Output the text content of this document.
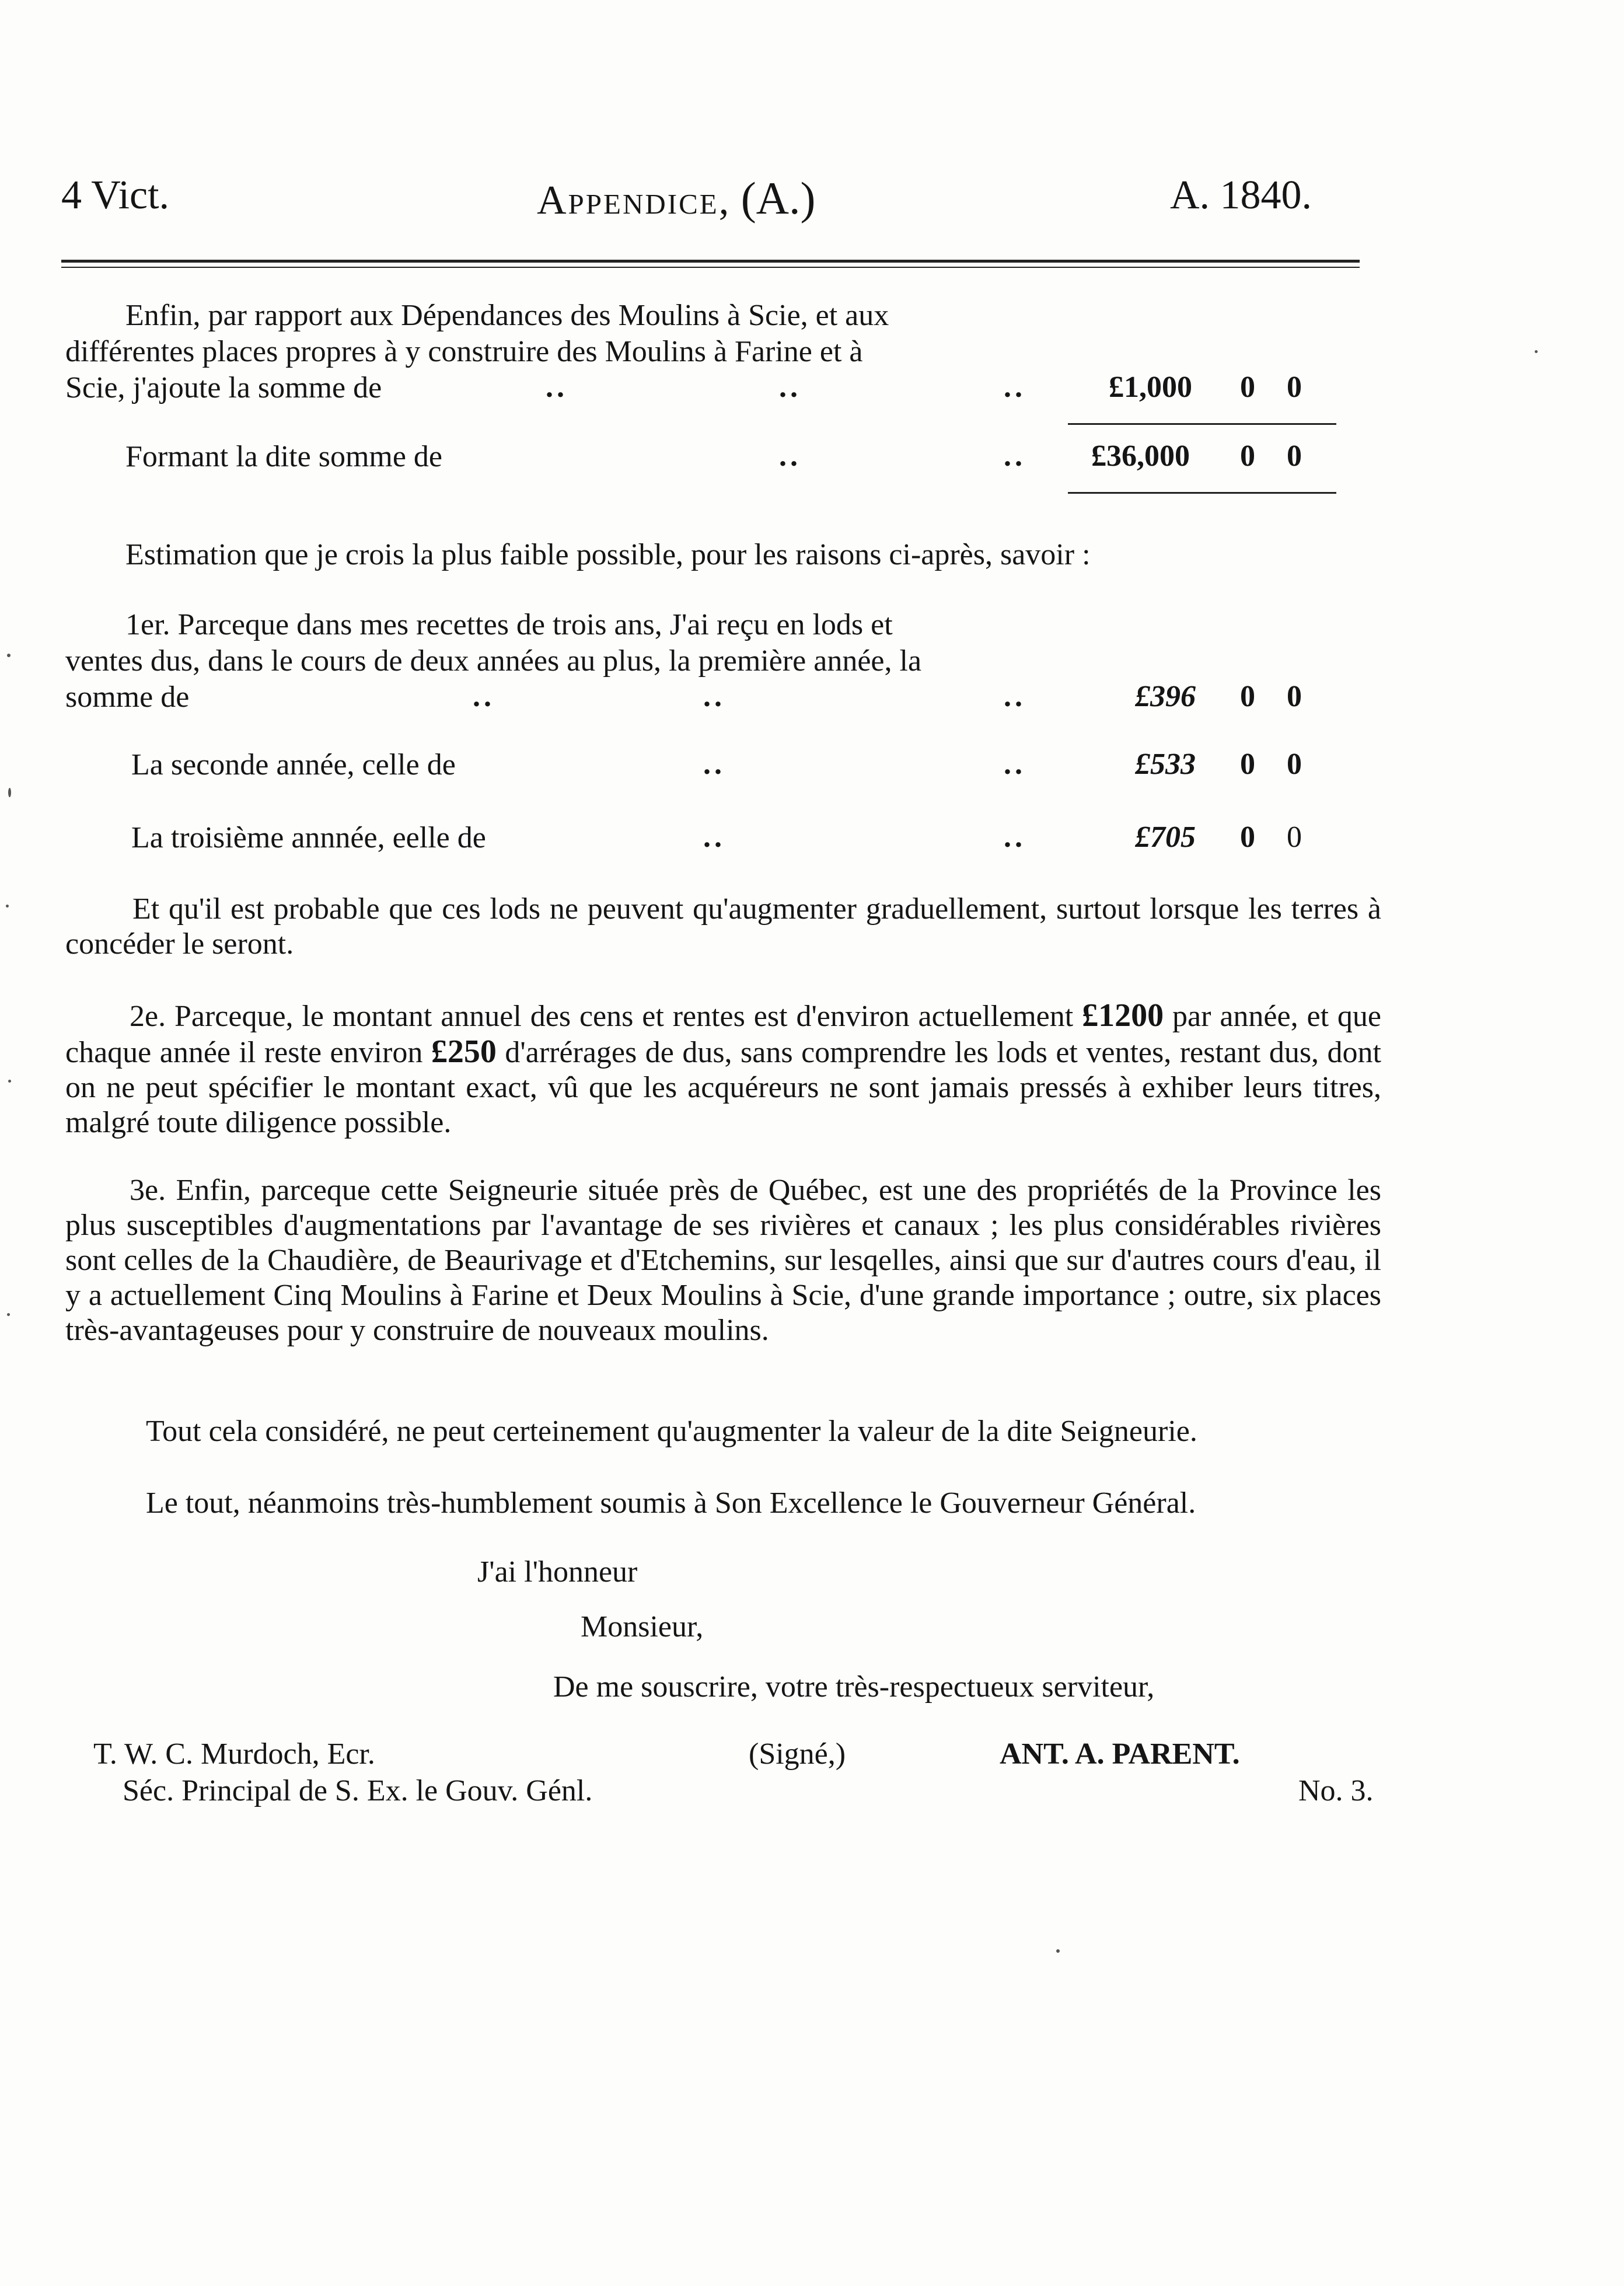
4 Vict.	Appendice, (A.)	A. 1840.
Enfin, par rapport aux Dépendances des Moulins à Scie, et aux
différentes places propres à y construire des Moulins à Farine et à
Scie, j'ajoute la somme de	..	..	..	£1,000 0 0
Formant la dite somme de	..	.. £36,000 0 0
Estimation que je crois la plus faible possible, pour les raisons ci-après, savoir :
1er. Parceque dans mes recettes de trois ans, J'ai reçu en lods et
ventes dus, dans le cours de deux années au plus, la première année, la
somme de	..	..	..	£396 0 0
La seconde année, celle de	..	..	£533 0 0
La troisième annnée, eelle de	..	..	£705 0 0
Et qu'il est probable que ces lods ne peuvent qu'augmenter graduellement, surtout lorsque les terres à concéder le seront.
2e. Parceque, le montant annuel des cens et rentes est d'environ actuellement £1200 par année, et que chaque année il reste environ £250 d'arrérages de dus, sans comprendre les lods et ventes, restant dus, dont on ne peut spécifier le montant exact, vû que les acquéreurs ne sont jamais pressés à exhiber leurs titres, malgré toute diligence possible.
3e. Enfin, parceque cette Seigneurie située près de Québec, est une des propriétés de la Province les plus susceptibles d'augmentations par l'avantage de ses rivières et canaux ; les plus considérables rivières sont celles de la Chaudière, de Beaurivage et d'Etchemins, sur lesqelles, ainsi que sur d'autres cours d'eau, il y a actuellement Cinq Moulins à Farine et Deux Moulins à Scie, d'une grande importance ; outre, six places très-avantageuses pour y construire de nouveaux moulins.
Tout cela considéré, ne peut certeinement qu'augmenter la valeur de la dite Seigneurie.
Le tout, néanmoins très-humblement soumis à Son Excellence le Gouverneur Général.
J'ai l'honneur
Monsieur,
De me souscrire, votre très-respectueux serviteur,
T. W. C. Murdoch, Ecr.
Séc. Principal de S. Ex. le Gouv. Génl.
(Signé,)	ANT. A. PARENT.
No. 3.
